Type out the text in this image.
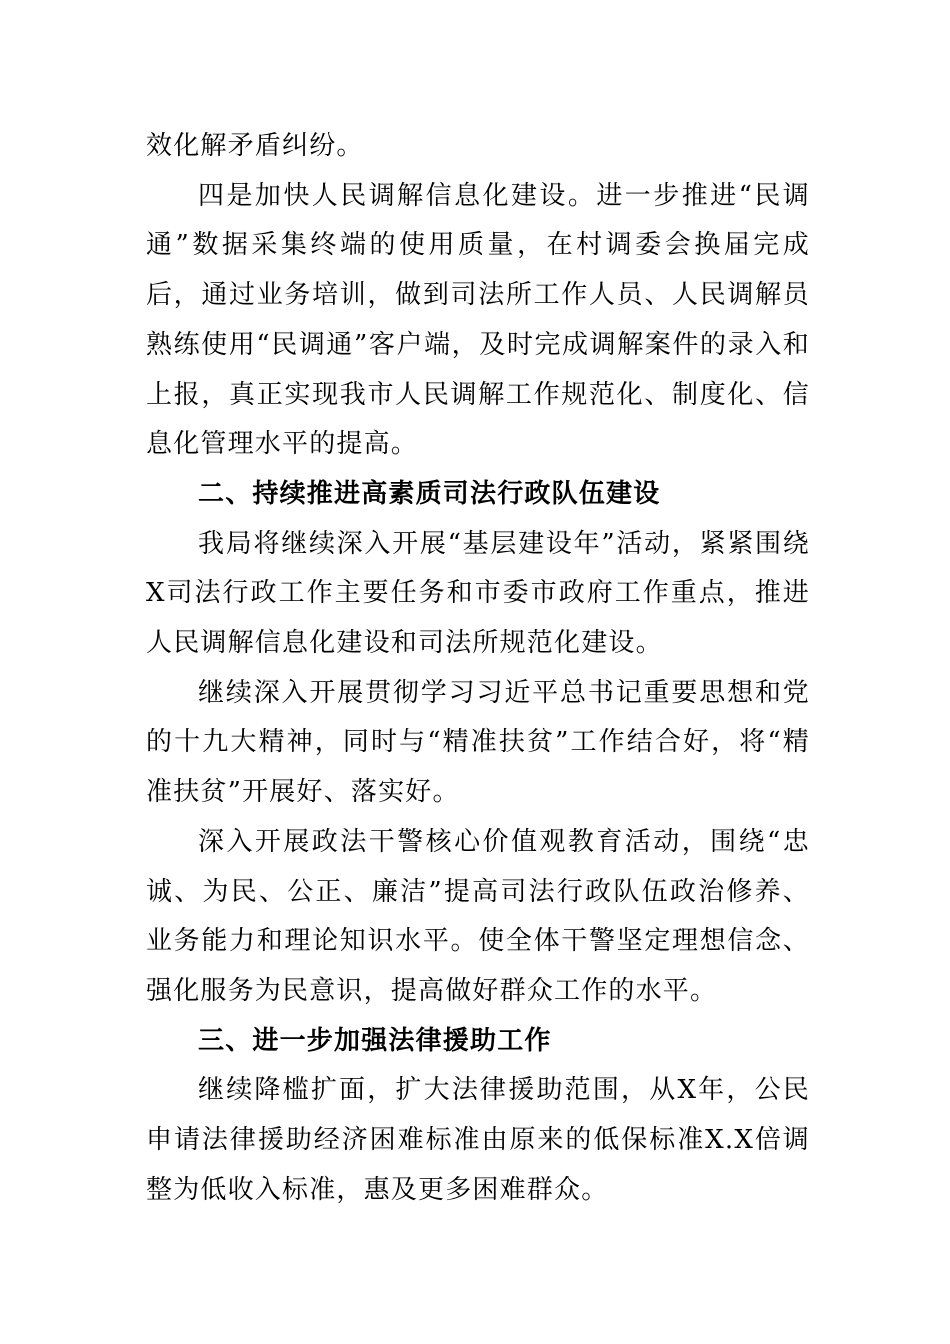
效化解矛盾纠纷。

四是加快人民调解信息化建设。进一步推进“民调通”数据采集终端的使用质量，在村调委会换届完成后，通过业务培训，做到司法所工作人员、人民调解员熟练使用“民调通”客户端，及时完成调解案件的录入和上报，真正实现我市人民调解工作规范化、制度化、信息化管理水平的提高。

二、持续推进高素质司法行政队伍建设

我局将继续深入开展“基层建设年”活动，紧紧围绕X司法行政工作主要任务和市委市政府工作重点，推进人民调解信息化建设和司法所规范化建设。

继续深入开展贯彻学习习近平总书记重要思想和党的十九大精神，同时与“精准扶贫”工作结合好，将“精准扶贫”开展好、落实好。

深入开展政法干警核心价值观教育活动，围绕“忠诚、为民、公正、廉洁”提高司法行政队伍政治修养、业务能力和理论知识水平。使全体干警坚定理想信念、强化服务为民意识，提高做好群众工作的水平。

三、进一步加强法律援助工作

继续降槛扩面，扩大法律援助范围，从X年，公民申请法律援助经济困难标准由原来的低保标准X.X倍调整为低收入标准，惠及更多困难群众。
